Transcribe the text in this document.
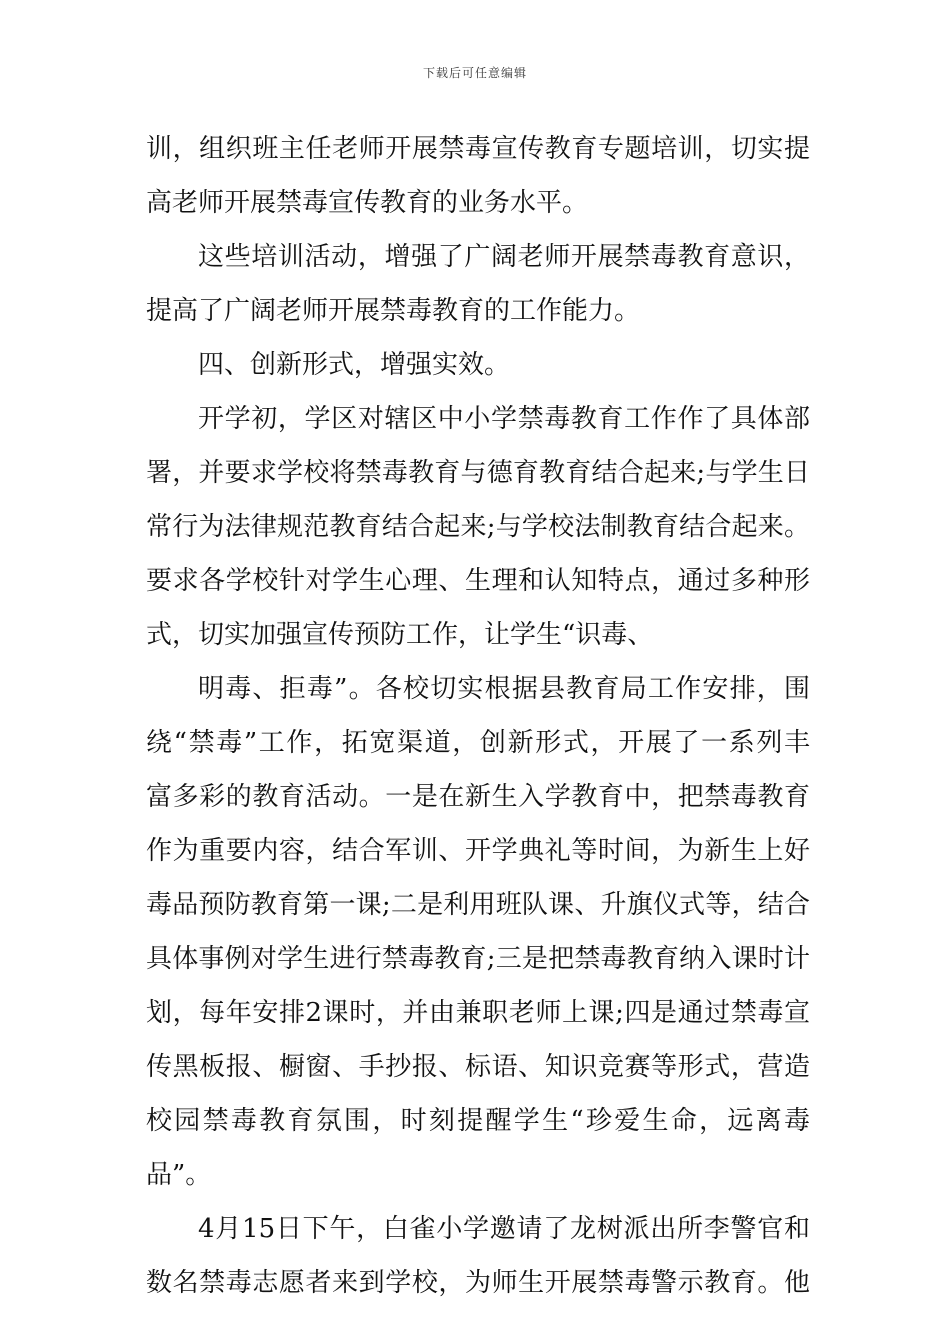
下载后可任意编辑
训，组织班主任老师开展禁毒宣传教育专题培训，切实提
高老师开展禁毒宣传教育的业务水平。
这些培训活动，增强了广阔老师开展禁毒教育意识，
提高了广阔老师开展禁毒教育的工作能力。
四、创新形式，增强实效。
开学初，学区对辖区中小学禁毒教育工作作了具体部
署，并要求学校将禁毒教育与德育教育结合起来;与学生日
常行为法律规范教育结合起来;与学校法制教育结合起来。
要求各学校针对学生心理、生理和认知特点，通过多种形
式，切实加强宣传预防工作，让学生“识毒、
明毒、拒毒”。各校切实根据县教育局工作安排，围
绕“禁毒”工作，拓宽渠道，创新形式，开展了一系列丰
富多彩的教育活动。一是在新生入学教育中，把禁毒教育
作为重要内容，结合军训、开学典礼等时间，为新生上好
毒品预防教育第一课;二是利用班队课、升旗仪式等，结合
具体事例对学生进行禁毒教育;三是把禁毒教育纳入课时计
划，每年安排2课时，并由兼职老师上课;四是通过禁毒宣
传黑板报、橱窗、手抄报、标语、知识竞赛等形式，营造
校园禁毒教育氛围，时刻提醒学生“珍爱生命，远离毒
品”。
4月15日下午，白雀小学邀请了龙树派出所李警官和
数名禁毒志愿者来到学校，为师生开展禁毒警示教育。他
